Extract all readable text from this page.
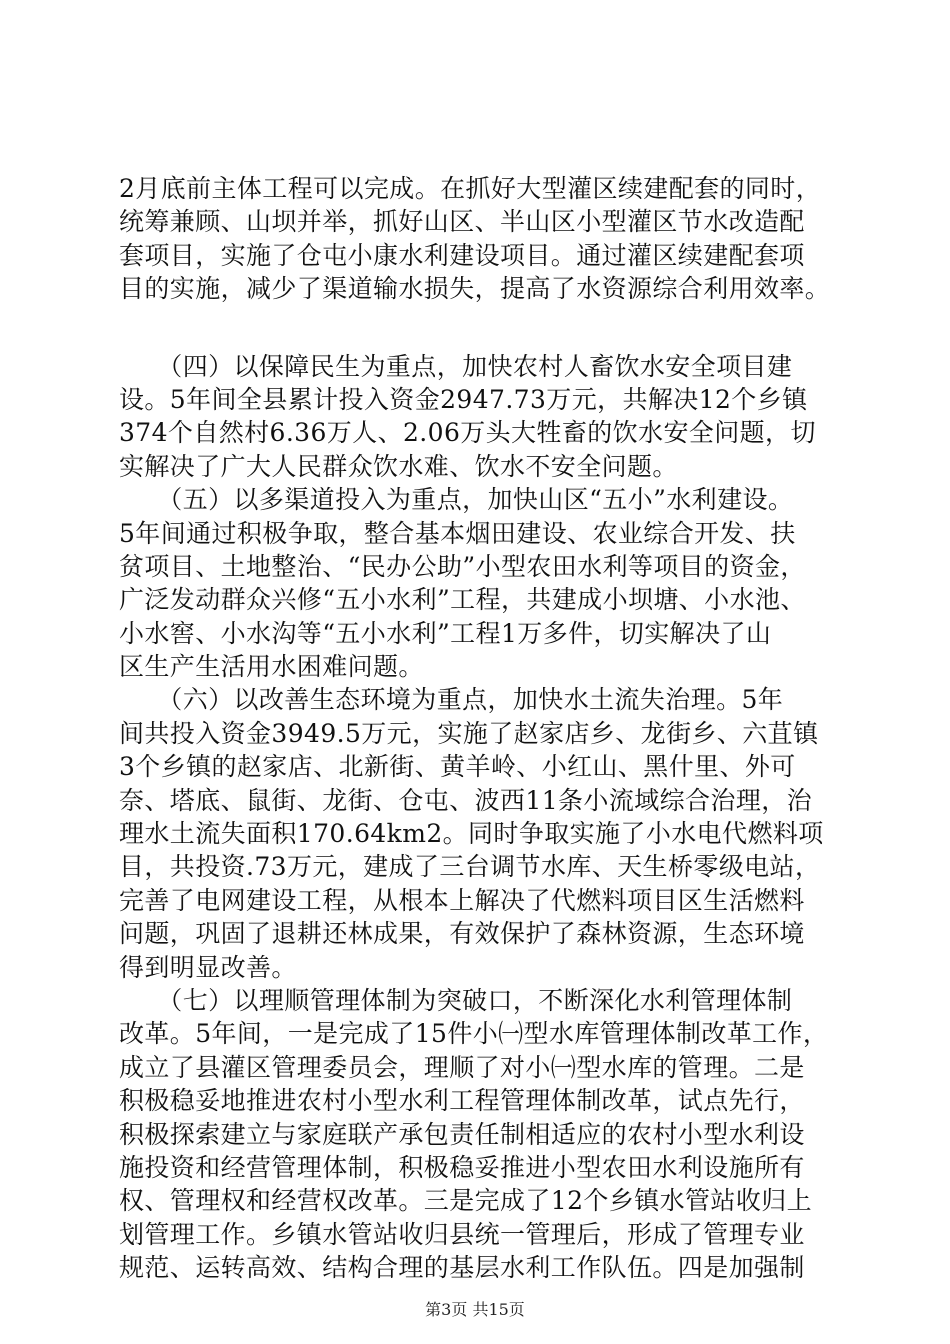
2月底前主体工程可以完成。在抓好大型灌区续建配套的同时，
统筹兼顾、山坝并举，抓好山区、半山区小型灌区节水改造配
套项目，实施了仓屯小康水利建设项目。通过灌区续建配套项
目的实施，减少了渠道输水损失，提高了水资源综合利用效率。
　　（四）以保障民生为重点，加快农村人畜饮水安全项目建
设。5年间全县累计投入资金2947.73万元，共解决12个乡镇
374个自然村6.36万人、2.06万头大牲畜的饮水安全问题，切
实解决了广大人民群众饮水难、饮水不安全问题。
　　（五）以多渠道投入为重点，加快山区“五小”水利建设。
5年间通过积极争取，整合基本烟田建设、农业综合开发、扶
贫项目、土地整治、“民办公助”小型农田水利等项目的资金，
广泛发动群众兴修“五小水利”工程，共建成小坝塘、小水池、
小水窖、小水沟等“五小水利”工程1万多件，切实解决了山
区生产生活用水困难问题。
　　（六）以改善生态环境为重点，加快水土流失治理。5年
间共投入资金3949.5万元，实施了赵家店乡、龙街乡、六苴镇
3个乡镇的赵家店、北新街、黄羊岭、小红山、黑什里、外可
奈、塔底、鼠街、龙街、仓屯、波西11条小流域综合治理，治
理水土流失面积170.64km2。同时争取实施了小水电代燃料项
目，共投资.73万元，建成了三台调节水库、天生桥零级电站，
完善了电网建设工程，从根本上解决了代燃料项目区生活燃料
问题，巩固了退耕还林成果，有效保护了森林资源，生态环境
得到明显改善。
　　（七）以理顺管理体制为突破口，不断深化水利管理体制
改革。5年间，一是完成了15件小㈠型水库管理体制改革工作，
成立了县灌区管理委员会，理顺了对小㈠型水库的管理。二是
积极稳妥地推进农村小型水利工程管理体制改革，试点先行，
积极探索建立与家庭联产承包责任制相适应的农村小型水利设
施投资和经营管理体制，积极稳妥推进小型农田水利设施所有
权、管理权和经营权改革。三是完成了12个乡镇水管站收归上
划管理工作。乡镇水管站收归县统一管理后，形成了管理专业
规范、运转高效、结构合理的基层水利工作队伍。四是加强制
第3页 共15页
